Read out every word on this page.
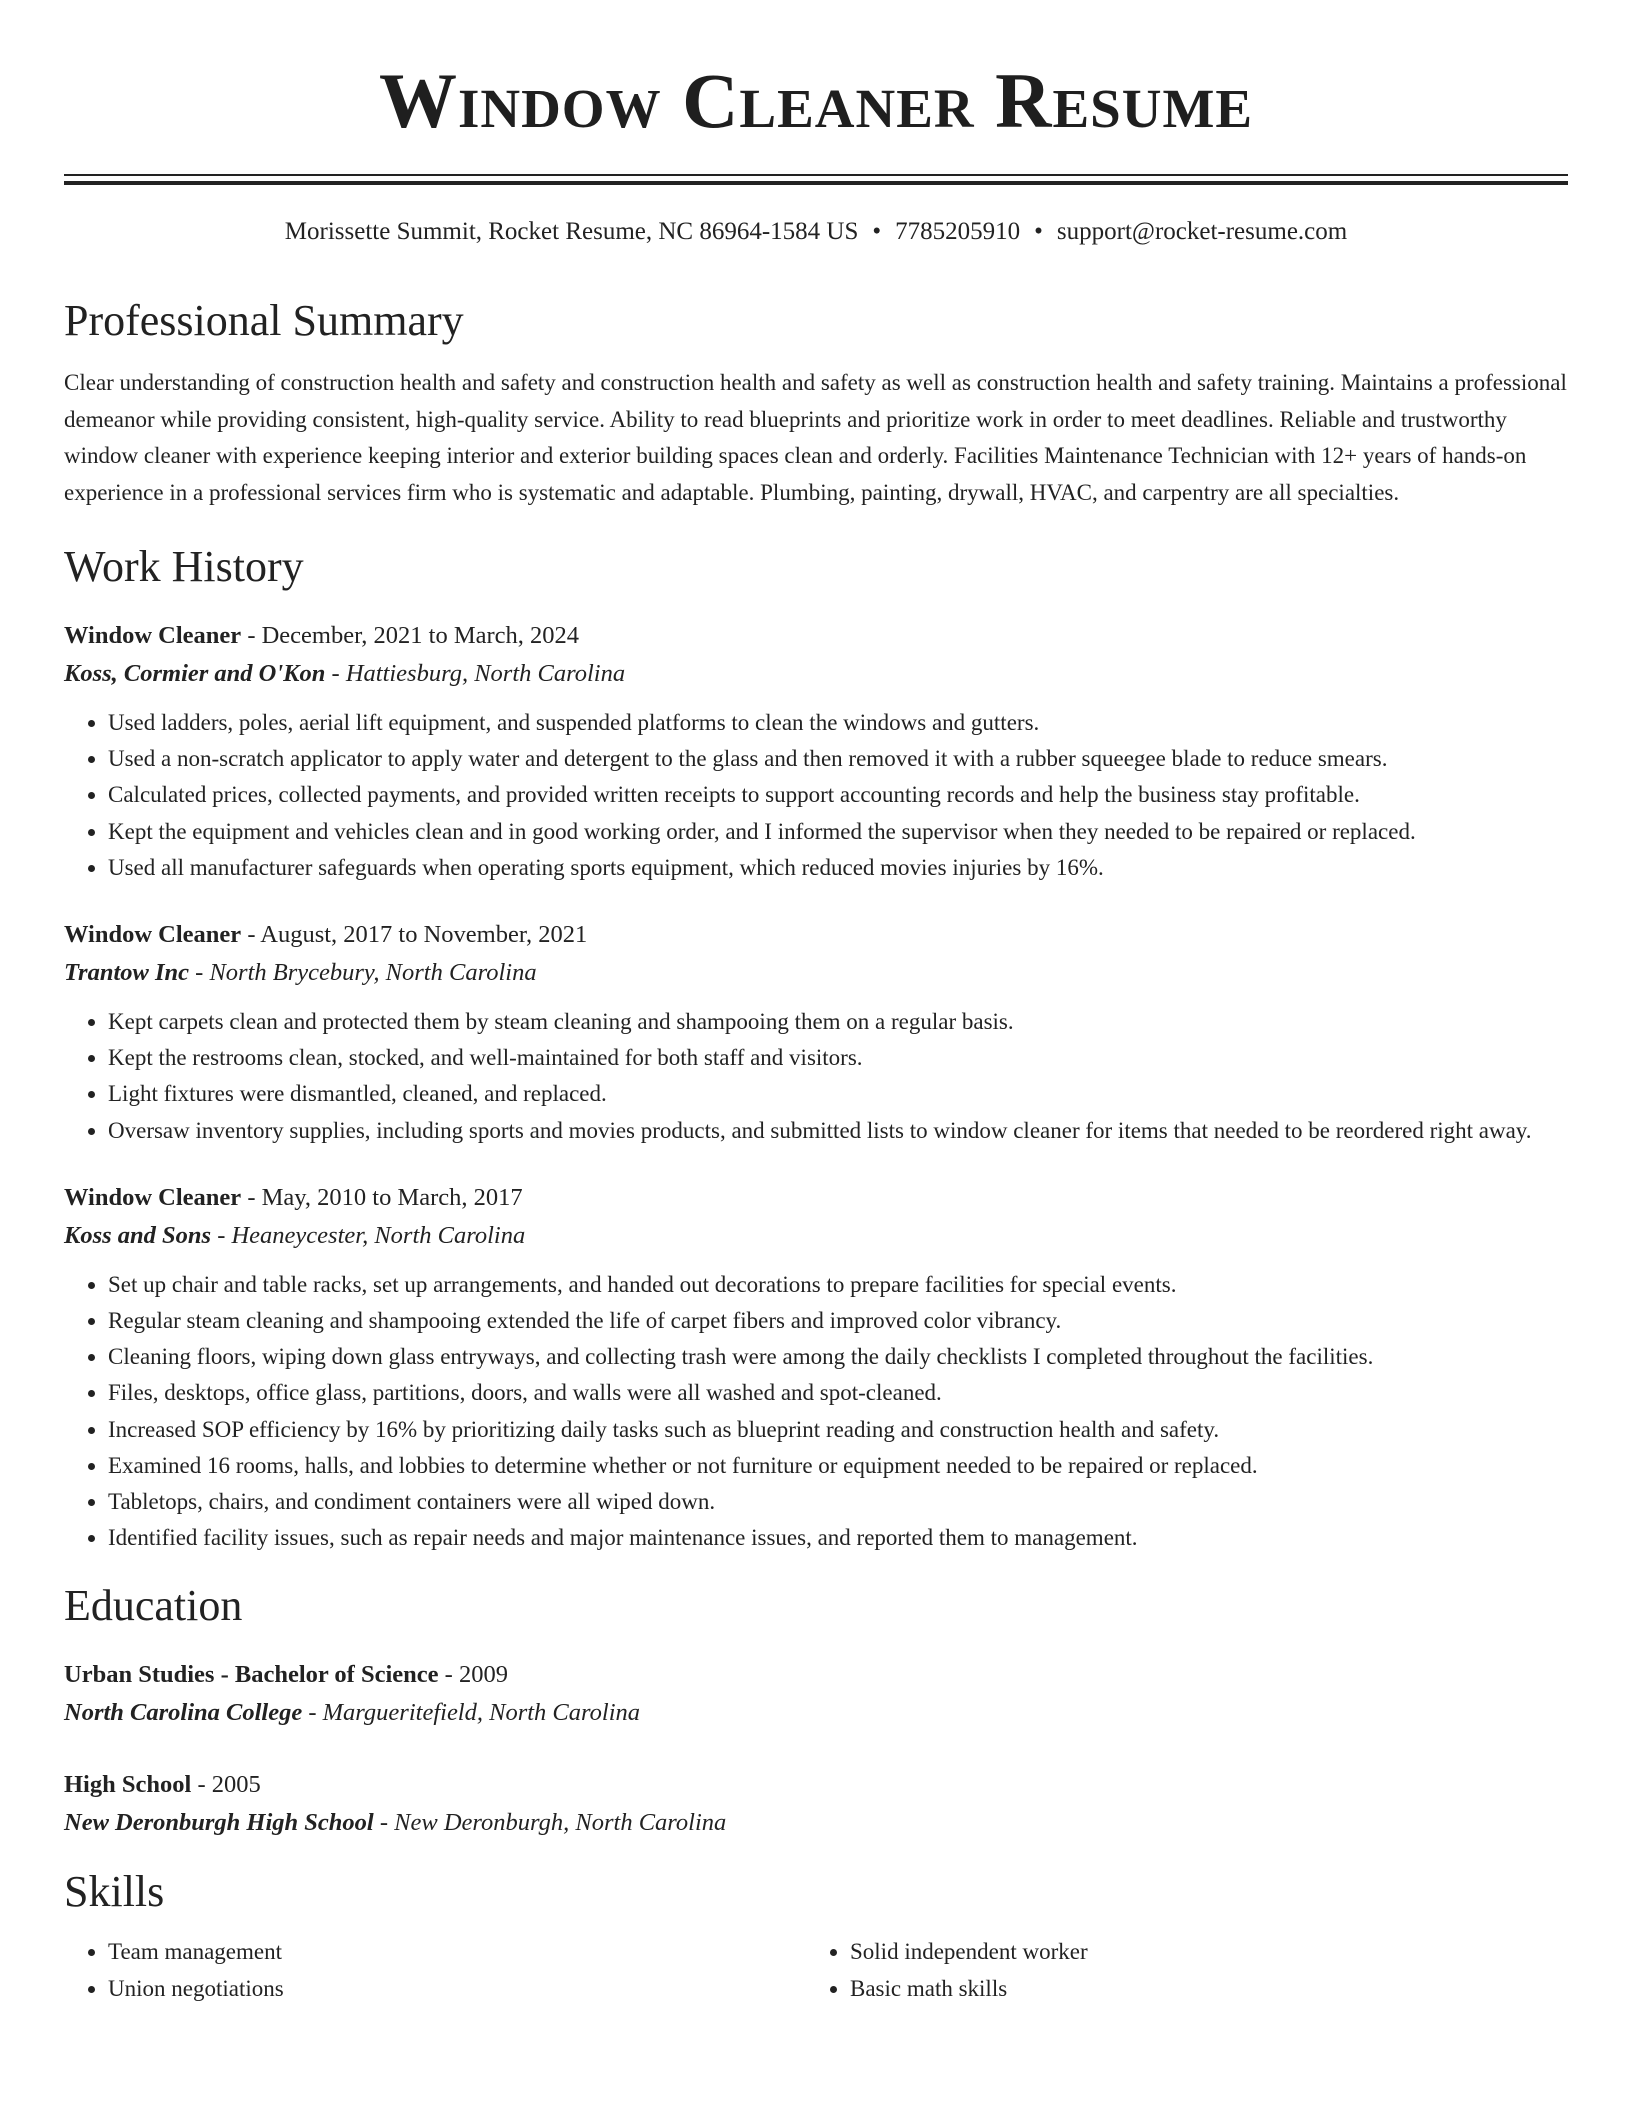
Window Cleaner Resume
Morissette Summit, Rocket Resume, NC 86964-1584 US • 7785205910 • support@rocket-resume.com
Professional Summary

Clear understanding of construction health and safety and construction health and safety as well as construction health and safety training. Maintains a professional demeanor while providing consistent, high-quality service. Ability to read blueprints and prioritize work in order to meet deadlines. Reliable and trustworthy window cleaner with experience keeping interior and exterior building spaces clean and orderly. Facilities Maintenance Technician with 12+ years of hands-on experience in a professional services firm who is systematic and adaptable. Plumbing, painting, drywall, HVAC, and carpentry are all specialties.

Work History
Window Cleaner - December, 2021 to March, 2024
Koss, Cormier and O'Kon - Hattiesburg, North Carolina
• Used ladders, poles, aerial lift equipment, and suspended platforms to clean the windows and gutters.
• Used a non-scratch applicator to apply water and detergent to the glass and then removed it with a rubber squeegee blade to reduce smears.
• Calculated prices, collected payments, and provided written receipts to support accounting records and help the business stay profitable.
• Kept the equipment and vehicles clean and in good working order, and I informed the supervisor when they needed to be repaired or replaced.
• Used all manufacturer safeguards when operating sports equipment, which reduced movies injuries by 16%.
Window Cleaner - August, 2017 to November, 2021
Trantow Inc - North Brycebury, North Carolina
• Kept carpets clean and protected them by steam cleaning and shampooing them on a regular basis.
• Kept the restrooms clean, stocked, and well-maintained for both staff and visitors.
• Light fixtures were dismantled, cleaned, and replaced.
• Oversaw inventory supplies, including sports and movies products, and submitted lists to window cleaner for items that needed to be reordered right away.
Window Cleaner - May, 2010 to March, 2017
Koss and Sons - Heaneycester, North Carolina
• Set up chair and table racks, set up arrangements, and handed out decorations to prepare facilities for special events.
• Regular steam cleaning and shampooing extended the life of carpet fibers and improved color vibrancy.
• Cleaning floors, wiping down glass entryways, and collecting trash were among the daily checklists I completed throughout the facilities.
• Files, desktops, office glass, partitions, doors, and walls were all washed and spot-cleaned.
• Increased SOP efficiency by 16% by prioritizing daily tasks such as blueprint reading and construction health and safety.
• Examined 16 rooms, halls, and lobbies to determine whether or not furniture or equipment needed to be repaired or replaced.
• Tabletops, chairs, and condiment containers were all wiped down.
• Identified facility issues, such as repair needs and major maintenance issues, and reported them to management.
Education
Urban Studies - Bachelor of Science - 2009
North Carolina College - Margueritefield, North Carolina
High School - 2005
New Deronburgh High School - New Deronburgh, North Carolina
Skills
• Team management
• Union negotiations
• Solid independent worker
• Basic math skills
